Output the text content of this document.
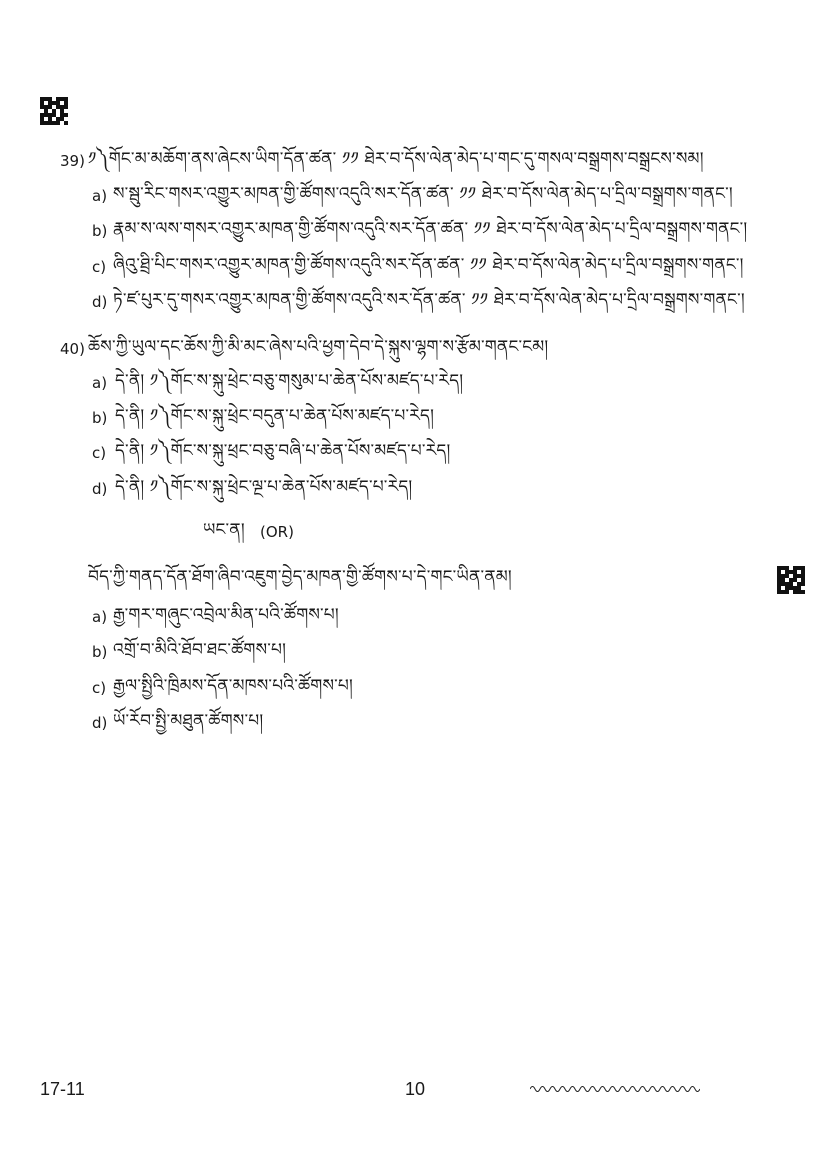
39) ༡༽གོང་མ་མཆོག་ནས་ཞེངས་ཡིག་དོན་ཚན་ ༡༡ ཐེར་བ་དོས་ལེན་མེད་པ་གང་དུ་གསལ་བསྒྲགས་བསྒྲངས་སམ།
a) ས་སྦུ་རིང་གསར་འགྱུར་མཁན་གྱི་ཚོགས་འདུའི་སར་དོན་ཚན་ ༡༡ ཐེར་བ་དོས་ལེན་མེད་པ་དྲིལ་བསྒྲགས་གནང་།
b) རྣམ་ས་ལས་གསར་འགྱུར་མཁན་གྱི་ཚོགས་འདུའི་སར་དོན་ཚན་ ༡༡ ཐེར་བ་དོས་ལེན་མེད་པ་དྲིལ་བསྒྲགས་གནང་།
c) ཞིའུ་ཐྲི་པིང་གསར་འགྱུར་མཁན་གྱི་ཚོགས་འདུའི་སར་དོན་ཚན་ ༡༡ ཐེར་བ་དོས་ལེན་མེད་པ་དྲིལ་བསྒྲགས་གནང་།
d) ཏེ་ཛ་པུར་དུ་གསར་འགྱུར་མཁན་གྱི་ཚོགས་འདུའི་སར་དོན་ཚན་ ༡༡ ཐེར་བ་དོས་ལེན་མེད་པ་དྲིལ་བསྒྲགས་གནང་།
40) ཆོས་ཀྱི་ཡུལ་དང་ཆོས་ཀྱི་མི་མང་ཞེས་པའི་ཕྱག་དེབ་དེ་སྐུས་ལྷག་ས་རྩོམ་གནང་ངམ།
a) དེ་ནི། ༡༽གོང་ས་སྐུ་ཕྲེང་བཅུ་གསུམ་པ་ཆེན་པོས་མཛད་པ་རེད།
b) དེ་ནི། ༡༽གོང་ས་སྐུ་ཕྲེང་བདུན་པ་ཆེན་པོས་མཛད་པ་རེད།
c) དེ་ནི། ༡༽གོང་ས་སྐུ་ཕྲང་བཅུ་བཞི་པ་ཆེན་པོས་མཛད་པ་རེད།
d) དེ་ནི། ༡༽གོང་ས་སྐུ་ཕྲེང་ལྔ་པ་ཆེན་པོས་མཛད་པ་རེད།
ཡང་ན། (OR)
བོད་ཀྱི་གནད་དོན་ཐོག་ཞིབ་འཇུག་བྱེད་མཁན་གྱི་ཚོགས་པ་དེ་གང་ཡིན་ནམ།
a) རྒྱ་གར་གཞུང་འབྲེལ་མིན་པའི་ཚོགས་པ།
b) འགྲོ་བ་མིའི་ཐོབ་ཐང་ཚོགས་པ།
c) རྒྱལ་སྤྱིའི་ཁྲིམས་དོན་མཁས་པའི་ཚོགས་པ།
d) ཡོ་རོབ་སྤྱི་མཐུན་ཚོགས་པ།
17-11	10
